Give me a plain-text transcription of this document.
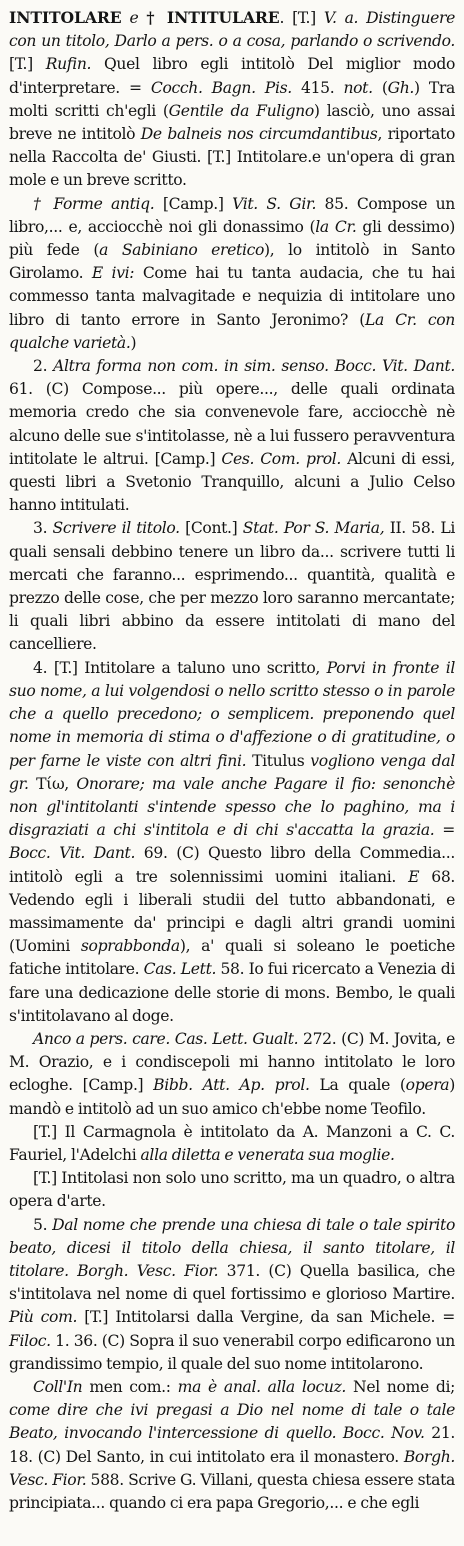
INTITOLARE e † INTITULARE. [T.] V. a. Distinguere con un titolo, Darlo a pers. o a cosa, parlando o scrivendo. [T.] Rufin. Quel libro egli intitolò Del miglior modo d'interpretare. = Cocch. Bagn. Pis. 415. not. (Gh.) Tra molti scritti ch'egli (Gentile da Fuligno) lasciò, uno assai breve ne intitolò De balneis nos circumdantibus, riportato nella Raccolta de' Giusti. [T.] Intitolare.e un'opera di gran mole e un breve scritto.

† Forme antiq. [Camp.] Vit. S. Gir. 85. Compose un libro,... e, acciocchè noi gli donassimo (la Cr. gli dessimo) più fede (a Sabiniano eretico), lo intitolò in Santo Girolamo. E ivi: Come hai tu tanta audacia, che tu hai commesso tanta malvagitade e nequizia di intitolare uno libro di tanto errore in Santo Jeronimo? (La Cr. con qualche varietà.)

2. Altra forma non com. in sim. senso. Bocc. Vit. Dant. 61. (C) Compose... più opere..., delle quali ordinata memoria credo che sia convenevole fare, acciocchè nè alcuno delle sue s'intitolasse, nè a lui fussero peravventura intitolate le altrui. [Camp.] Ces. Com. prol. Alcuni di essi, questi libri a Svetonio Tranquillo, alcuni a Julio Celso hanno intitulati.

3. Scrivere il titolo. [Cont.] Stat. Por S. Maria, II. 58. Li quali sensali debbino tenere un libro da... scrivere tutti li mercati che faranno... esprimendo... quantità, qualità e prezzo delle cose, che per mezzo loro saranno mercantate; li quali libri abbino da essere intitolati di mano del cancelliere.

4. [T.] Intitolare a taluno uno scritto, Porvi in fronte il suo nome, a lui volgendosi o nello scritto stesso o in parole che a quello precedono; o semplicem. preponendo quel nome in memoria di stima o d'affezione o di gratitudine, o per farne le viste con altri fini. Titulus vogliono venga dal gr. Τίω, Onorare; ma vale anche Pagare il fio: senonchè non gl'intitolanti s'intende spesso che lo paghino, ma i disgraziati a chi s'intitola e di chi s'accatta la grazia. = Bocc. Vit. Dant. 69. (C) Questo libro della Commedia... intitolò egli a tre solennissimi uomini italiani. E 68. Vedendo egli i liberali studii del tutto abbandonati, e massimamente da' principi e dagli altri grandi uomini (Uomini soprabbonda), a' quali si soleano le poetiche fatiche intitolare. Cas. Lett. 58. Io fui ricercato a Venezia di fare una dedicazione delle storie di mons. Bembo, le quali s'intitolavano al doge.

Anco a pers. care. Cas. Lett. Gualt. 272. (C) M. Jovita, e M. Orazio, e i condiscepoli mi hanno intitolato le loro ecloghe. [Camp.] Bibb. Att. Ap. prol. La quale (opera) mandò e intitolò ad un suo amico ch'ebbe nome Teofilo.

[T.] Il Carmagnola è intitolato da A. Manzoni a C. C. Fauriel, l'Adelchi alla diletta e venerata sua moglie.

[T.] Intitolasi non solo uno scritto, ma un quadro, o altra opera d'arte.

5. Dal nome che prende una chiesa di tale o tale spirito beato, dicesi il titolo della chiesa, il santo titolare, il titolare. Borgh. Vesc. Fior. 371. (C) Quella basilica, che s'intitolava nel nome di quel fortissimo e glorioso Martire. Più com. [T.] Intitolarsi dalla Vergine, da san Michele. = Filoc. 1. 36. (C) Sopra il suo venerabil corpo edificarono un grandissimo tempio, il quale del suo nome intitolarono.

Coll'In men com.: ma è anal. alla locuz. Nel nome di; come dire che ivi pregasi a Dio nel nome di tale o tale Beato, invocando l'intercessione di quello. Bocc. Nov. 21. 18. (C) Del Santo, in cui intitolato era il monastero. Borgh. Vesc. Fior. 588. Scrive G. Villani, questa chiesa essere stata principiata... quando ci era papa Gregorio,... e che egli
